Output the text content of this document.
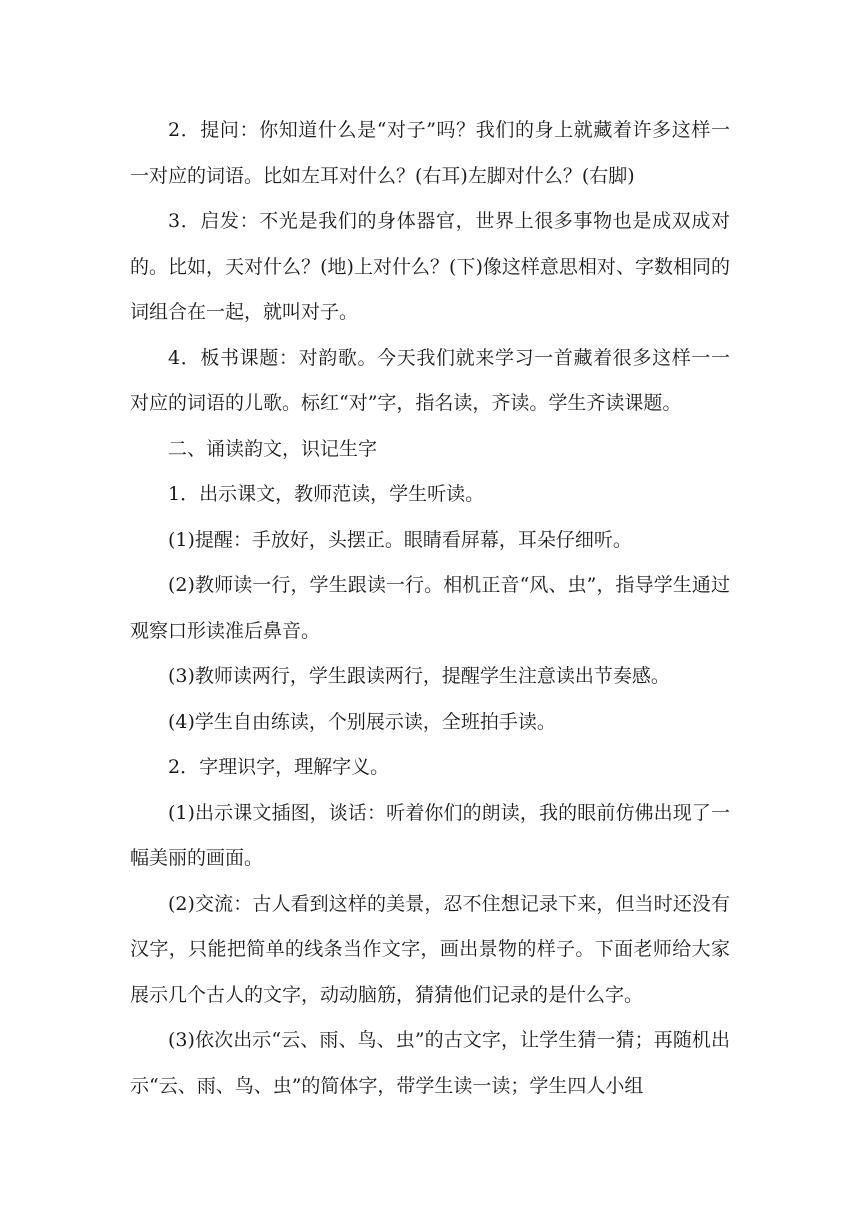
2．提问：你知道什么是“对子”吗？我们的身上就藏着许多这样一一对应的词语。比如左耳对什么？(右耳)左脚对什么？(右脚)

3．启发：不光是我们的身体器官，世界上很多事物也是成双成对的。比如，天对什么？(地)上对什么？(下)像这样意思相对、字数相同的词组合在一起，就叫对子。

4．板书课题：对韵歌。今天我们就来学习一首藏着很多这样一一对应的词语的儿歌。标红“对”字，指名读，齐读。学生齐读课题。

二、诵读韵文，识记生字

1．出示课文，教师范读，学生听读。

(1)提醒：手放好，头摆正。眼睛看屏幕，耳朵仔细听。

(2)教师读一行，学生跟读一行。相机正音“风、虫”，指导学生通过观察口形读准后鼻音。

(3)教师读两行，学生跟读两行，提醒学生注意读出节奏感。

(4)学生自由练读，个别展示读，全班拍手读。

2．字理识字，理解字义。

(1)出示课文插图，谈话：听着你们的朗读，我的眼前仿佛出现了一幅美丽的画面。

(2)交流：古人看到这样的美景，忍不住想记录下来，但当时还没有汉字，只能把简单的线条当作文字，画出景物的样子。下面老师给大家展示几个古人的文字，动动脑筋，猜猜他们记录的是什么字。

(3)依次出示“云、雨、鸟、虫”的古文字，让学生猜一猜；再随机出示“云、雨、鸟、虫”的简体字，带学生读一读；学生四人小组
